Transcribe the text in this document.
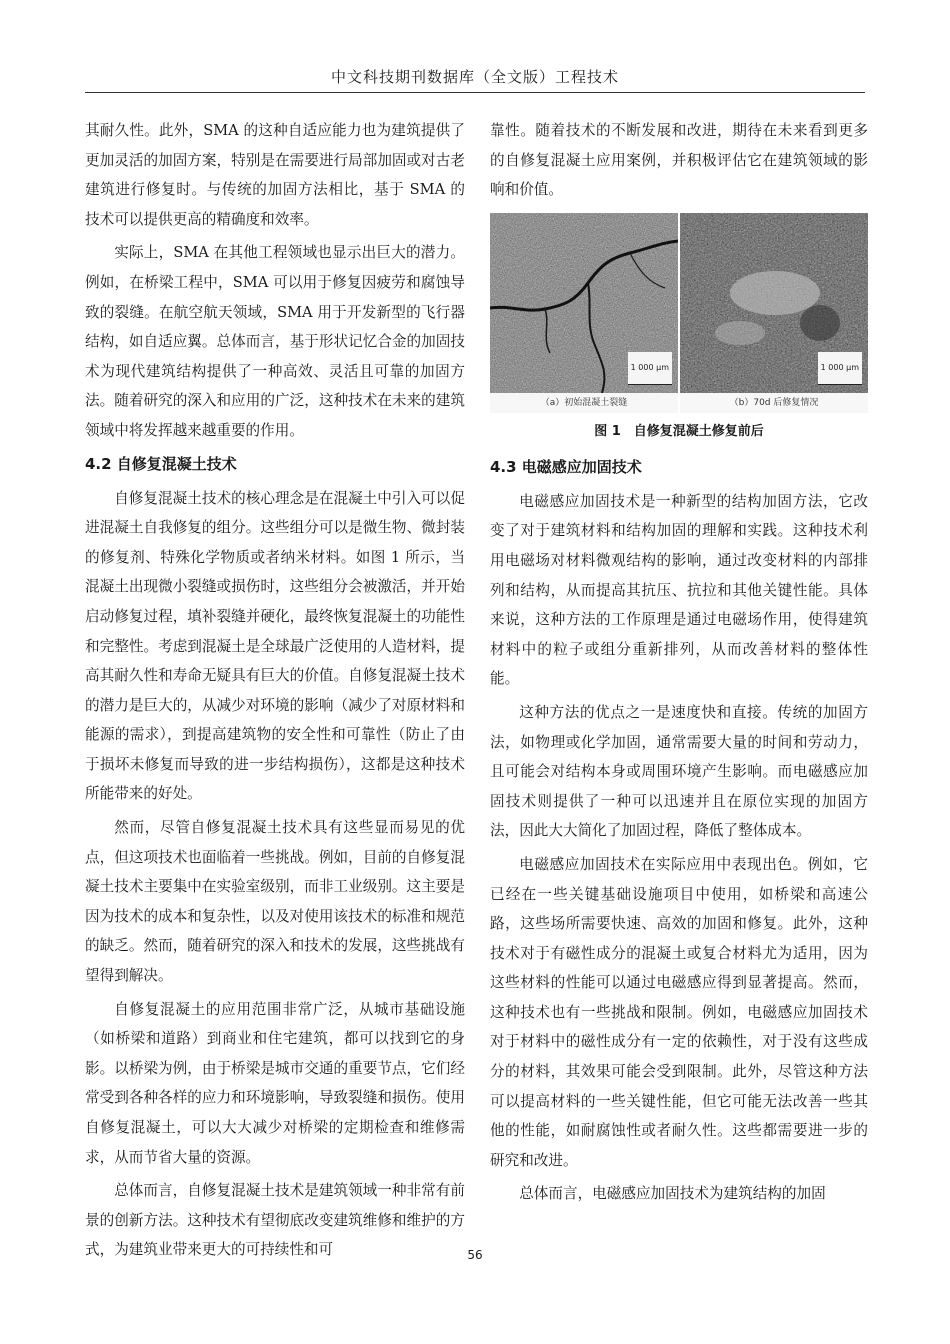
中文科技期刊数据库（全文版）工程技术

其耐久性。此外，SMA 的这种自适应能力也为建筑提供了更加灵活的加固方案，特别是在需要进行局部加固或对古老建筑进行修复时。与传统的加固方法相比，基于 SMA 的技术可以提供更高的精确度和效率。

实际上，SMA 在其他工程领域也显示出巨大的潜力。例如，在桥梁工程中，SMA 可以用于修复因疲劳和腐蚀导致的裂缝。在航空航天领域，SMA 用于开发新型的飞行器结构，如自适应翼。总体而言，基于形状记忆合金的加固技术为现代建筑结构提供了一种高效、灵活且可靠的加固方法。随着研究的深入和应用的广泛，这种技术在未来的建筑领域中将发挥越来越重要的作用。

4.2 自修复混凝土技术

自修复混凝土技术的核心理念是在混凝土中引入可以促进混凝土自我修复的组分。这些组分可以是微生物、微封装的修复剂、特殊化学物质或者纳米材料。如图 1 所示，当混凝土出现微小裂缝或损伤时，这些组分会被激活，并开始启动修复过程，填补裂缝并硬化，最终恢复混凝土的功能性和完整性。考虑到混凝土是全球最广泛使用的人造材料，提高其耐久性和寿命无疑具有巨大的价值。自修复混凝土技术的潜力是巨大的，从减少对环境的影响（减少了对原材料和能源的需求），到提高建筑物的安全性和可靠性（防止了由于损坏未修复而导致的进一步结构损伤），这都是这种技术所能带来的好处。

然而，尽管自修复混凝土技术具有这些显而易见的优点，但这项技术也面临着一些挑战。例如，目前的自修复混凝土技术主要集中在实验室级别，而非工业级别。这主要是因为技术的成本和复杂性，以及对使用该技术的标准和规范的缺乏。然而，随着研究的深入和技术的发展，这些挑战有望得到解决。

自修复混凝土的应用范围非常广泛，从城市基础设施（如桥梁和道路）到商业和住宅建筑，都可以找到它的身影。以桥梁为例，由于桥梁是城市交通的重要节点，它们经常受到各种各样的应力和环境影响，导致裂缝和损伤。使用自修复混凝土，可以大大减少对桥梁的定期检查和维修需求，从而节省大量的资源。

总体而言，自修复混凝土技术是建筑领域一种非常有前景的创新方法。这种技术有望彻底改变建筑维修和维护的方式，为建筑业带来更大的可持续性和可

靠性。随着技术的不断发展和改进，期待在未来看到更多的自修复混凝土应用案例，并积极评估它在建筑领域的影响和价值。

1 000 μm
（a）初始混凝土裂缝
1 000 μm
（b）70d 后修复情况
图 1　自修复混凝土修复前后
4.3 电磁感应加固技术

电磁感应加固技术是一种新型的结构加固方法，它改变了对于建筑材料和结构加固的理解和实践。这种技术利用电磁场对材料微观结构的影响，通过改变材料的内部排列和结构，从而提高其抗压、抗拉和其他关键性能。具体来说，这种方法的工作原理是通过电磁场作用，使得建筑材料中的粒子或组分重新排列，从而改善材料的整体性能。

这种方法的优点之一是速度快和直接。传统的加固方法，如物理或化学加固，通常需要大量的时间和劳动力，且可能会对结构本身或周围环境产生影响。而电磁感应加固技术则提供了一种可以迅速并且在原位实现的加固方法，因此大大简化了加固过程，降低了整体成本。

电磁感应加固技术在实际应用中表现出色。例如，它已经在一些关键基础设施项目中使用，如桥梁和高速公路，这些场所需要快速、高效的加固和修复。此外，这种技术对于有磁性成分的混凝土或复合材料尤为适用，因为这些材料的性能可以通过电磁感应得到显著提高。然而，这种技术也有一些挑战和限制。例如，电磁感应加固技术对于材料中的磁性成分有一定的依赖性，对于没有这些成分的材料，其效果可能会受到限制。此外，尽管这种方法可以提高材料的一些关键性能，但它可能无法改善一些其他的性能，如耐腐蚀性或者耐久性。这些都需要进一步的研究和改进。

总体而言，电磁感应加固技术为建筑结构的加固

56
